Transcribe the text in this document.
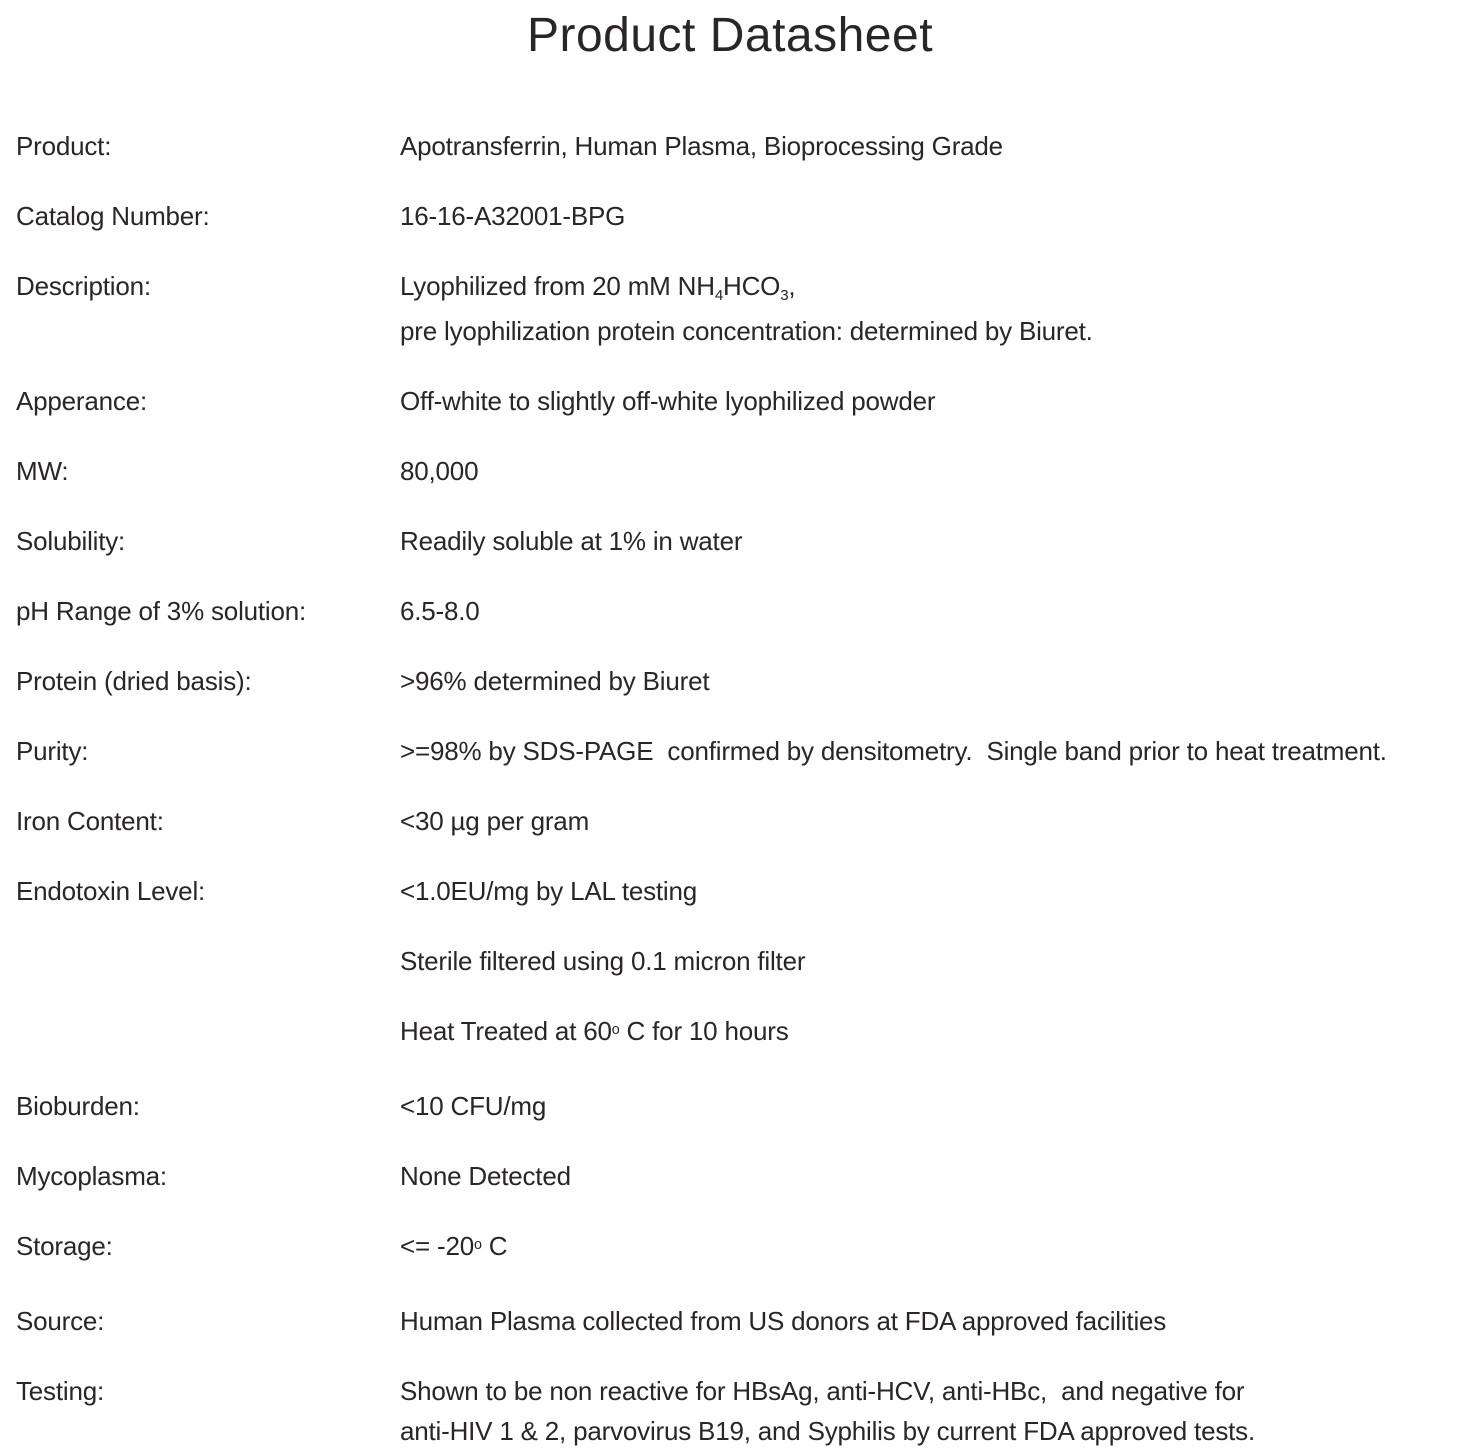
Product Datasheet
Product:	Apotransferrin, Human Plasma, Bioprocessing Grade
Catalog Number:	16-16-A32001-BPG
Description:	Lyophilized from 20 mM NH4HCO3,
pre lyophilization protein concentration: determined by Biuret.
Apperance:	Off-white to slightly off-white lyophilized powder
MW:	80,000
Solubility:	Readily soluble at 1% in water
pH Range of 3% solution:	6.5-8.0
Protein (dried basis):	>96% determined by Biuret
Purity:	>=98% by SDS-PAGE  confirmed by densitometry.  Single band prior to heat treatment.
Iron Content:	<30 µg per gram
Endotoxin Level:	<1.0EU/mg by LAL testing
Sterile filtered using 0.1 micron filter
Heat Treated at 60$^o$ C for 10 hours
Bioburden:	<10 CFU/mg
Mycoplasma:	None Detected
Storage:	<= $-20^o$ C
Source:	Human Plasma collected from US donors at FDA approved facilities
Testing:	Shown to be non reactive for HBsAg, anti-HCV, anti-HBc,  and negative for
anti-HIV 1 & 2, parvovirus B19, and Syphilis by current FDA approved tests.
